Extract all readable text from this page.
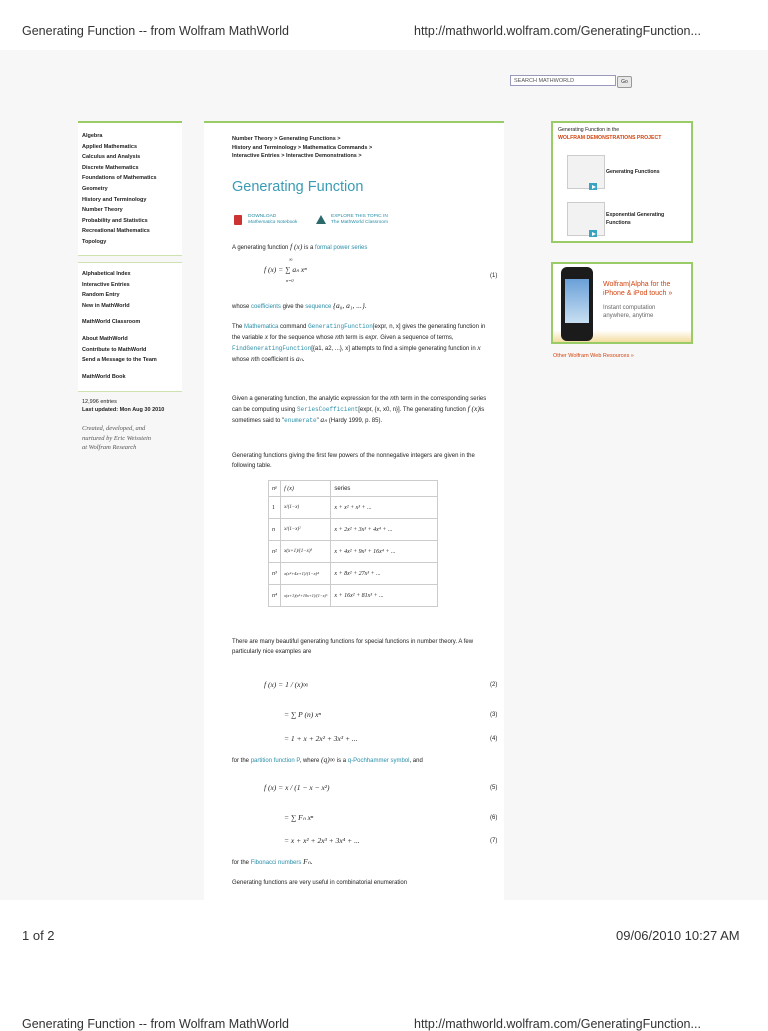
Generating Function -- from Wolfram MathWorld	http://mathworld.wolfram.com/GeneratingFunction...
SEARCH MATHWORLD	Go
Algebra
Applied Mathematics
Calculus and Analysis
Discrete Mathematics
Foundations of Mathematics
Geometry
History and Terminology
Number Theory
Probability and Statistics
Recreational Mathematics
Topology
Alphabetical Index
Interactive Entries
Random Entry
New in MathWorld
MathWorld Classroom
About MathWorld
Contribute to MathWorld
Send a Message to the Team
MathWorld Book
12,996 entries
Last updated: Mon Aug 30 2010
Created, developed, and
nurtured by Eric Weisstein
at Wolfram Research
Number Theory > Generating Functions >
History and Terminology > Mathematica Commands >
Interactive Entries > Interactive Demonstrations >
Generating Function
DOWNLOAD
Mathematica Notebook
EXPLORE THIS TOPIC IN
The MathWorld Classroom
A generating function f (x) is a formal power series
∞
f (x) = ∑ aₙ xⁿ
n=0
(1)
whose coefficients give the sequence {a₀, a₁, ...}.
The Mathematica command GeneratingFunction[expr, n, x] gives the generating function in the variable x for the sequence whose nth term is expr. Given a sequence of terms, FindGeneratingFunction[{a1, a2, ...}, x] attempts to find a simple generating function in x whose nth coefficient is aₙ.
Given a generating function, the analytic expression for the nth term in the corresponding series can be computing using SeriesCoefficient[expr, {x, x0, n}]. The generating function f (x)is sometimes said to "enumerate" aₙ (Hardy 1999, p. 85).
Generating functions giving the first few powers of the nonnegative integers are given in the following table.
nᵖ	f (x)	series
1	x/(1−x)	x + x² + x³ + ...
n	x/(1−x)²	x + 2x² + 3x³ + 4x⁴ + ...
n²	x(x+1)/(1−x)³	x + 4x² + 9x³ + 16x⁴ + ...
n³	x(x²+4x+1)/(1−x)⁴	x + 8x² + 27x³ + ...
n⁴	x(x+1)(x²+10x+1)/(1−x)⁵	x + 16x² + 81x³ + ...
There are many beautiful generating functions for special functions in number theory. A few particularly nice examples are
f (x) = 1 / (x)∞	(2)
= ∑ P (n) xⁿ	(3)
= 1 + x + 2x² + 3x³ + ...	(4)
for the partition function P, where (q)∞ is a q-Pochhammer symbol, and
f (x) = x / (1 − x − x²)	(5)
= ∑ Fₙ xⁿ	(6)
= x + x² + 2x³ + 3x⁴ + ...	(7)
for the Fibonacci numbers Fₙ.
Generating functions are very useful in combinatorial enumeration
Generating Function in the
WOLFRAM DEMONSTRATIONS PROJECT
Generating Functions
Exponential Generating
Functions
Wolfram|Alpha for the
iPhone & iPod touch »
Instant computation
anywhere, anytime
Other Wolfram Web Resources »
1 of 2	09/06/2010 10:27 AM
Generating Function -- from Wolfram MathWorld	http://mathworld.wolfram.com/GeneratingFunction...
